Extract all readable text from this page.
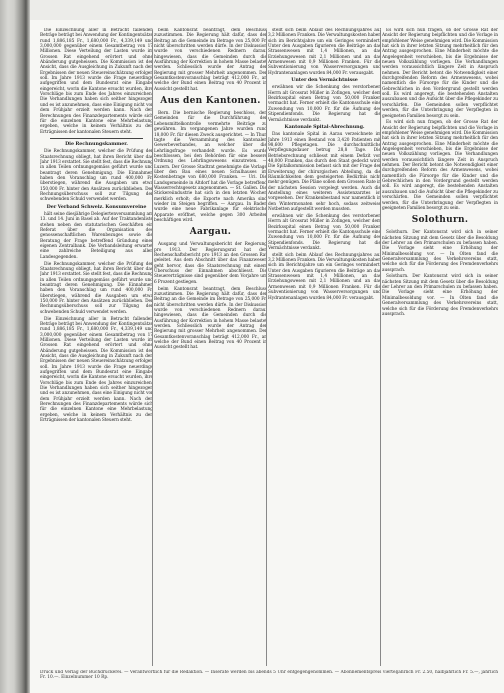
Die Einzeichnung aller in Betracht fallenden Beträge beträgt bei Anwendung der Kontingentsätze rund 1,886,185 Fr., 1,680,000 Fr., 4,339,149 und 3,000,000 gegenüber einem Gesamtbetrag von 17 Millionen. Diese Verteilung der Lasten wurde im Grossen Rat eingehend erörtert und ohne Abänderung gutgeheissen. Die Kommission ist der Ansicht, dass die Ausgleichung in Zukunft nach den Ergebnissen der neuen Steuereinschätzung erfolgen soll. Im Jahre 1913 wurde die Frage neuerdings aufgegriffen und dem Bundesrat eine Eingabe eingereicht, worin die Kantone ersucht wurden, ihre Vorschläge bis zum Ende des Jahres einzureichen. Die Verhandlungen haben sich seither hingezogen und es ist anzunehmen, dass eine Einigung nicht vor dem Frühjahr erzielt werden kann. Nach den Berechnungen des Finanzdepartements würde sich für die einzelnen Kantone eine Mehrbelastung ergeben, welche in keinem Verhältnis zu den Erträgnissen der kantonalen Steuern steht.

Die Rechnungskammer.

Die Rechnungskammer, welcher die Prüfung der Staatsrechnung obliegt, hat ihren Bericht über das Jahr 1913 erstattet. Sie stellt fest, dass die Rechnung in allen Teilen ordnungsgemäss geführt wurde und beantragt deren Genehmigung. Die Einnahmen haben den Voranschlag um rund 400,000 Fr. überstiegen, während die Ausgaben um etwa 150,000 Fr. hinter den Ansätzen zurückblieben. Der Rechnungsüberschuss soll zur Tilgung der schwebenden Schuld verwendet werden.

Der Verband Schweiz. Konsumvereine

hält seine diesjährige Delegiertenversammlung am 13. und 14. Juni in Basel ab. Auf der Traktandenliste stehen neben den statutarischen Geschäften ein Referat über die Organisation des genossenschaftlichen Warenbezuges sowie die Beratung der Frage betreffend Gründung einer eigenen Zentralbank. Die Verbandsleitung erwartet eine zahlreiche Beteiligung aus allen Landesgegenden.

Die Rechnungskammer, welcher die Prüfung der Staatsrechnung obliegt, hat ihren Bericht über das Jahr 1913 erstattet. Sie stellt fest, dass die Rechnung in allen Teilen ordnungsgemäss geführt wurde und beantragt deren Genehmigung. Die Einnahmen haben den Voranschlag um rund 400,000 Fr. überstiegen, während die Ausgaben um etwa 150,000 Fr. hinter den Ansätzen zurückblieben. Der Rechnungsüberschuss soll zur Tilgung der schwebenden Schuld verwendet werden.

Die Einzeichnung aller in Betracht fallenden Beträge beträgt bei Anwendung der Kontingentsätze rund 1,886,185 Fr., 1,680,000 Fr., 4,339,149 und 3,000,000 gegenüber einem Gesamtbetrag von 17 Millionen. Diese Verteilung der Lasten wurde im Grossen Rat eingehend erörtert und ohne Abänderung gutgeheissen. Die Kommission ist der Ansicht, dass die Ausgleichung in Zukunft nach den Ergebnissen der neuen Steuereinschätzung erfolgen soll. Im Jahre 1913 wurde die Frage neuerdings aufgegriffen und dem Bundesrat eine Eingabe eingereicht, worin die Kantone ersucht wurden, ihre Vorschläge bis zum Ende des Jahres einzureichen. Die Verhandlungen haben sich seither hingezogen und es ist anzunehmen, dass eine Einigung nicht vor dem Frühjahr erzielt werden kann. Nach den Berechnungen des Finanzdepartements würde sich für die einzelnen Kantone eine Mehrbelastung ergeben, welche in keinem Verhältnis zu den Erträgnissen der kantonalen Steuern steht.

beim Kantonsrat beantragt, dem Beschluss zuzustimmen. Die Regierung hält dafür, dass der Beitrag an die Gemeinde im Betrage von 25,000 Fr. nicht überschritten werden dürfe. In der Diskussion wurde von verschiedenen Rednern darauf hingewiesen, dass die Gemeinden durch die Ausführung der Korrektion in hohem Masse belastet werden. Schliesslich wurde der Antrag der Regierung mit grosser Mehrheit angenommen. Der Gesamtkostenvoranschlag beträgt 412,000 Fr., an welche der Bund einen Beitrag von 40 Prozent in Aussicht gestellt hat.

Aus den Kantonen.

Bern. Die bernische Regierung beschloss, den Gemeinden für die Durchführung der Lebensmittelkontrolle vermehrte Beiträge zu gewähren. Im vergangenen Jahre wurden rund 18,000 Fr. für diesen Zweck ausgerichtet. — In Thun tagte die Versammlung des kantonalen Gewerbeverbandes, an welcher über die Lehrlingsfrage verhandelt wurde. Es wurde beschlossen, bei den Behörden für eine bessere Ordnung des Lehrlingswesens einzutreten. — Luzern. Der Grosse Stadtrat genehmigte die Vorlage über den Bau eines neuen Schulhauses im Kostenbetrage von 680,000 Franken. — Uri. Die Landsgemeinde in Altdorf hat die Vorlage betreffend Wasserrechtsgesetz angenommen. — St. Gallen. Die Stickereiindustrie hat sich in den letzten Wochen merklich erholt; die Exporte nach Amerika sind wieder im Steigen begriffen. — Aargau. In Baden wurde eine neue Fabrikanlage für elektrische Apparate eröffnet, welche gegen 300 Arbeiter beschäftigen wird.

Aargau.

Ausgang und Verwaltungsbericht der Regierung pro 1913. Der Regierungsrat hat den Rechenschaftsbericht pro 1913 an den Grossen Rat geleitet. Aus dem Abschnitt über das Finanzwesen geht hervor, dass die Staatsrechnung mit einem Überschuss der Einnahmen abschliesst. Die Steuererträgnisse sind gegenüber dem Vorjahre um 6 Prozent gestiegen.

beim Kantonsrat beantragt, dem Beschluss zuzustimmen. Die Regierung hält dafür, dass der Beitrag an die Gemeinde im Betrage von 25,000 Fr. nicht überschritten werden dürfe. In der Diskussion wurde von verschiedenen Rednern darauf hingewiesen, dass die Gemeinden durch die Ausführung der Korrektion in hohem Masse belastet werden. Schliesslich wurde der Antrag der Regierung mit grosser Mehrheit angenommen. Der Gesamtkostenvoranschlag beträgt 412,000 Fr., an welche der Bund einen Beitrag von 40 Prozent in Aussicht gestellt hat.

stellt sich beim Ablauf des Rechnungsjahres auf 3,2 Millionen Franken. Die Verwaltungskosten haben sich im Berichtsjahre um ein Geringes vermindert. Unter den Ausgaben figurieren die Beiträge an das Strassenwesen mit 1,4 Millionen, an das Erziehungswesen mit 2,1 Millionen und an das Armenwesen mit 0,9 Millionen Franken. Für die Subventionierung von Wasserversorgungen und Hydrantenanlagen wurden 84,000 Fr. verausgabt.

Unter den Vermächtnisse

erwähnen wir die Schenkung des verstorbenen Herrn alt Grossrat Müller in Zofingen, welcher dem Bezirksspital einen Betrag von 50,000 Franken vermacht hat. Ferner erhielt die Kantonsschule eine Zuwendung von 10,000 Fr. für die Äufnung des Stipendienfonds. Die Regierung hat die Vermächtnisse verdankt.

Kantonale Spital-Abrechnung.

Das kantonale Spital in Aarau verzeichnete im Jahre 1913 einen Bestand von 3,420 Patienten mit 98,600 Pflegetagen. Die durchschnittliche Verpflegungsdauer betrug 28,8 Tage. Die Betriebsrechnung schliesst mit einem Defizit von 48,000 Franken, das durch den Staat gedeckt wird. Die Spitalkommission befasst sich mit der Frage der Erweiterung der chirurgischen Abteilung, da die Räumlichkeiten dem gesteigerten Bedürfnis nicht mehr genügen. Die Pläne sollen dem Grossen Rate in der nächsten Session vorgelegt werden. Auch die Anstellung eines weiteren Assistenzarztes ist vorgesehen. Der Krankenbestand war namentlich in den Wintermonaten sehr hoch, sodass zeitweise Notbetten aufgestellt werden mussten.

erwähnen wir die Schenkung des verstorbenen Herrn alt Grossrat Müller in Zofingen, welcher dem Bezirksspital einen Betrag von 50,000 Franken vermacht hat. Ferner erhielt die Kantonsschule eine Zuwendung von 10,000 Fr. für die Äufnung des Stipendienfonds. Die Regierung hat die Vermächtnisse verdankt.

stellt sich beim Ablauf des Rechnungsjahres auf 3,2 Millionen Franken. Die Verwaltungskosten haben sich im Berichtsjahre um ein Geringes vermindert. Unter den Ausgaben figurieren die Beiträge an das Strassenwesen mit 1,4 Millionen, an das Erziehungswesen mit 2,1 Millionen und an das Armenwesen mit 0,9 Millionen Franken. Für die Subventionierung von Wasserversorgungen und Hydrantenanlagen wurden 84,000 Fr. verausgabt.

Es wird sich nun fragen, ob der Grosse Rat der Ansicht der Regierung beipflichten und die Vorlage in empfohlener Weise genehmigen wird. Die Kommission hat sich in ihrer letzten Sitzung mehrheitlich für den Antrag ausgesprochen. Eine Minderheit möchte die Angelegenheit verschieben, bis die Ergebnisse der neuen Volkszählung vorliegen. Die Verhandlungen werden voraussichtlich längere Zeit in Anspruch nehmen. Der Bericht betont die Notwendigkeit einer durchgreifenden Reform des Armenwesens, wobei namentlich die Fürsorge für die Kinder und die Gebrechlichen in den Vordergrund gestellt werden soll. Es wird angeregt, die bestehenden Anstalten auszubauen und die Aufsicht über die Pflegekinder zu verschärfen. Die Gemeinden sollen verpflichtet werden, für die Unterbringung der Verpflegten in geeigneten Familien besorgt zu sein.

Es wird sich nun fragen, ob der Grosse Rat der Ansicht der Regierung beipflichten und die Vorlage in empfohlener Weise genehmigen wird. Die Kommission hat sich in ihrer letzten Sitzung mehrheitlich für den Antrag ausgesprochen. Eine Minderheit möchte die Angelegenheit verschieben, bis die Ergebnisse der neuen Volkszählung vorliegen. Die Verhandlungen werden voraussichtlich längere Zeit in Anspruch nehmen. Der Bericht betont die Notwendigkeit einer durchgreifenden Reform des Armenwesens, wobei namentlich die Fürsorge für die Kinder und die Gebrechlichen in den Vordergrund gestellt werden soll. Es wird angeregt, die bestehenden Anstalten auszubauen und die Aufsicht über die Pflegekinder zu verschärfen. Die Gemeinden sollen verpflichtet werden, für die Unterbringung der Verpflegten in geeigneten Familien besorgt zu sein.

Solothurn.

Solothurn. Der Kantonsrat wird sich in seiner nächsten Sitzung mit dem Gesetz über die Besoldung der Lehrer an den Primarschulen zu befassen haben. Die Vorlage sieht eine Erhöhung der Minimalbesoldung vor. — In Olten fand die Generalversammlung des Verkehrsvereins statt, welche sich für die Förderung des Fremdenverkehrs aussprach.

Solothurn. Der Kantonsrat wird sich in seiner nächsten Sitzung mit dem Gesetz über die Besoldung der Lehrer an den Primarschulen zu befassen haben. Die Vorlage sieht eine Erhöhung der Minimalbesoldung vor. — In Olten fand die Generalversammlung des Verkehrsvereins statt, welche sich für die Förderung des Fremdenverkehrs aussprach.

Druck und Verlag der Buchdruckerei. — Verantwortlich für die Redaktion. — Inserate werden bis abends 5 Uhr entgegengenommen. — Abonnementspreis vierteljährlich Fr. 2.50, halbjährlich Fr. 5.—, jährlich Fr. 10.—. Einzelnummer 10 Rp.
